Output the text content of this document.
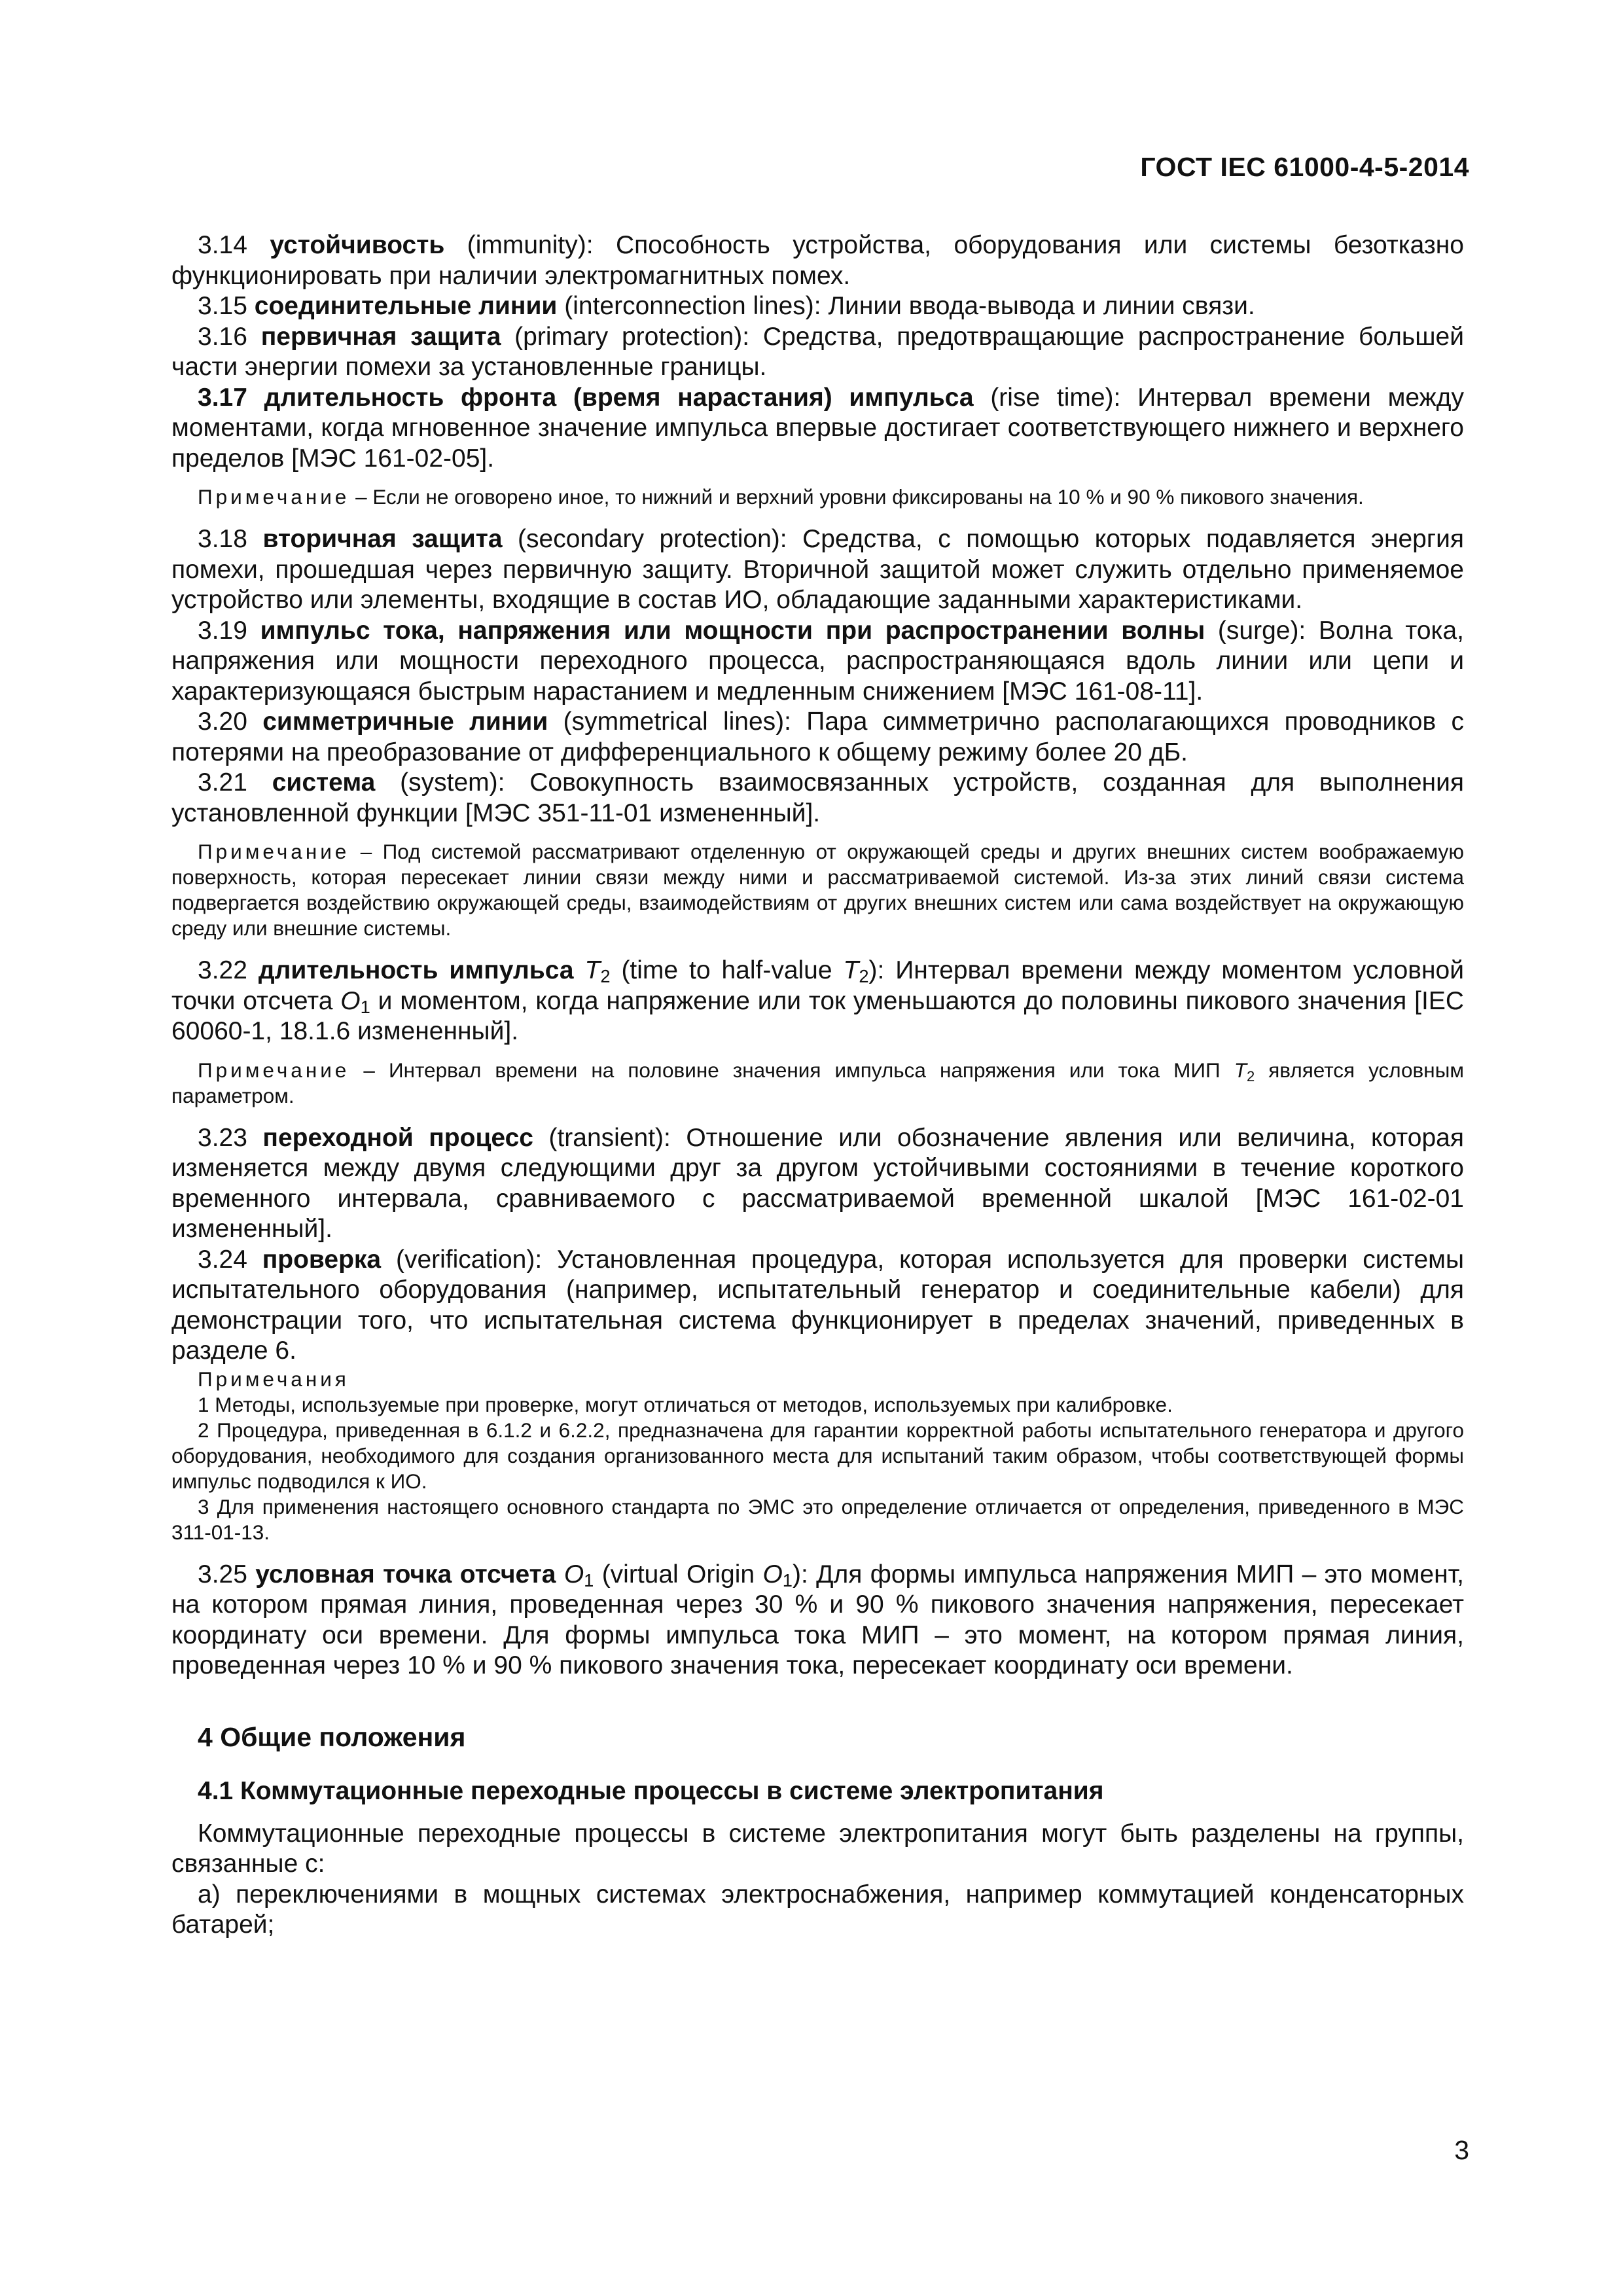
ГОСТ IEC 61000-4-5-2014

3.14 устойчивость (immunity): Способность устройства, оборудования или системы безотказно функционировать при наличии электромагнитных помех.

3.15 соединительные линии (interconnection lines): Линии ввода-вывода и линии связи.

3.16 первичная защита (primary protection): Средства, предотвращающие распространение большей части энергии помехи за установленные границы.

3.17 длительность фронта (время нарастания) импульса (rise time): Интервал времени между моментами, когда мгновенное значение импульса впервые достигает соответствующего нижнего и верхнего пределов [МЭС 161-02-05].

Примечание – Если не оговорено иное, то нижний и верхний уровни фиксированы на 10 % и 90 % пикового значения.

3.18 вторичная защита (secondary protection): Средства, с помощью которых подавляется энергия помехи, прошедшая через первичную защиту. Вторичной защитой может служить отдельно применяемое устройство или элементы, входящие в состав ИО, обладающие заданными характеристиками.

3.19 импульс тока, напряжения или мощности при распространении волны (surge): Волна тока, напряжения или мощности переходного процесса, распространяющаяся вдоль линии или цепи и характеризующаяся быстрым нарастанием и медленным снижением [МЭС 161-08-11].

3.20 симметричные линии (symmetrical lines): Пара симметрично располагающихся проводников с потерями на преобразование от дифференциального к общему режиму более 20 дБ.

3.21 система (system): Совокупность взаимосвязанных устройств, созданная для выполнения установленной функции [МЭС 351-11-01 измененный].

Примечание – Под системой рассматривают отделенную от окружающей среды и других внешних систем воображаемую поверхность, которая пересекает линии связи между ними и рассматриваемой системой. Из-за этих линий связи система подвергается воздействию окружающей среды, взаимодействиям от других внешних систем или сама воздействует на окружающую среду или внешние системы.

3.22 длительность импульса $T_2$ (time to half-value $T_2$): Интервал времени между моментом условной точки отсчета $O_1$ и моментом, когда напряжение или ток уменьшаются до половины пикового значения [IEC 60060-1, 18.1.6 измененный].

Примечание – Интервал времени на половине значения импульса напряжения или тока МИП $T_2$ является условным параметром.

3.23 переходной процесс (transient): Отношение или обозначение явления или величина, которая изменяется между двумя следующими друг за другом устойчивыми состояниями в течение короткого временного интервала, сравниваемого с рассматриваемой временной шкалой [МЭС 161-02-01 измененный].

3.24 проверка (verification): Установленная процедура, которая используется для проверки системы испытательного оборудования (например, испытательный генератор и соединительные кабели) для демонстрации того, что испытательная система функционирует в пределах значений, приведенных в разделе 6.

Примечания

1 Методы, используемые при проверке, могут отличаться от методов, используемых при калибровке.

2 Процедура, приведенная в 6.1.2 и 6.2.2, предназначена для гарантии корректной работы испытательного генератора и другого оборудования, необходимого для создания организованного места для испытаний таким образом, чтобы соответствующей формы импульс подводился к ИО.

3 Для применения настоящего основного стандарта по ЭМС это определение отличается от определения, приведенного в МЭС 311-01-13.

3.25 условная точка отсчета $O_1$ (virtual Origin $O_1$): Для формы импульса напряжения МИП – это момент, на котором прямая линия, проведенная через 30 % и 90 % пикового значения напряжения, пересекает координату оси времени. Для формы импульса тока МИП – это момент, на котором прямая линия, проведенная через 10 % и 90 % пикового значения тока, пересекает координату оси времени.

4 Общие положения
4.1 Коммутационные переходные процессы в системе электропитания

Коммутационные переходные процессы в системе электропитания могут быть разделены на группы, связанные с:

а) переключениями в мощных системах электроснабжения, например коммутацией конденсаторных батарей;

3
